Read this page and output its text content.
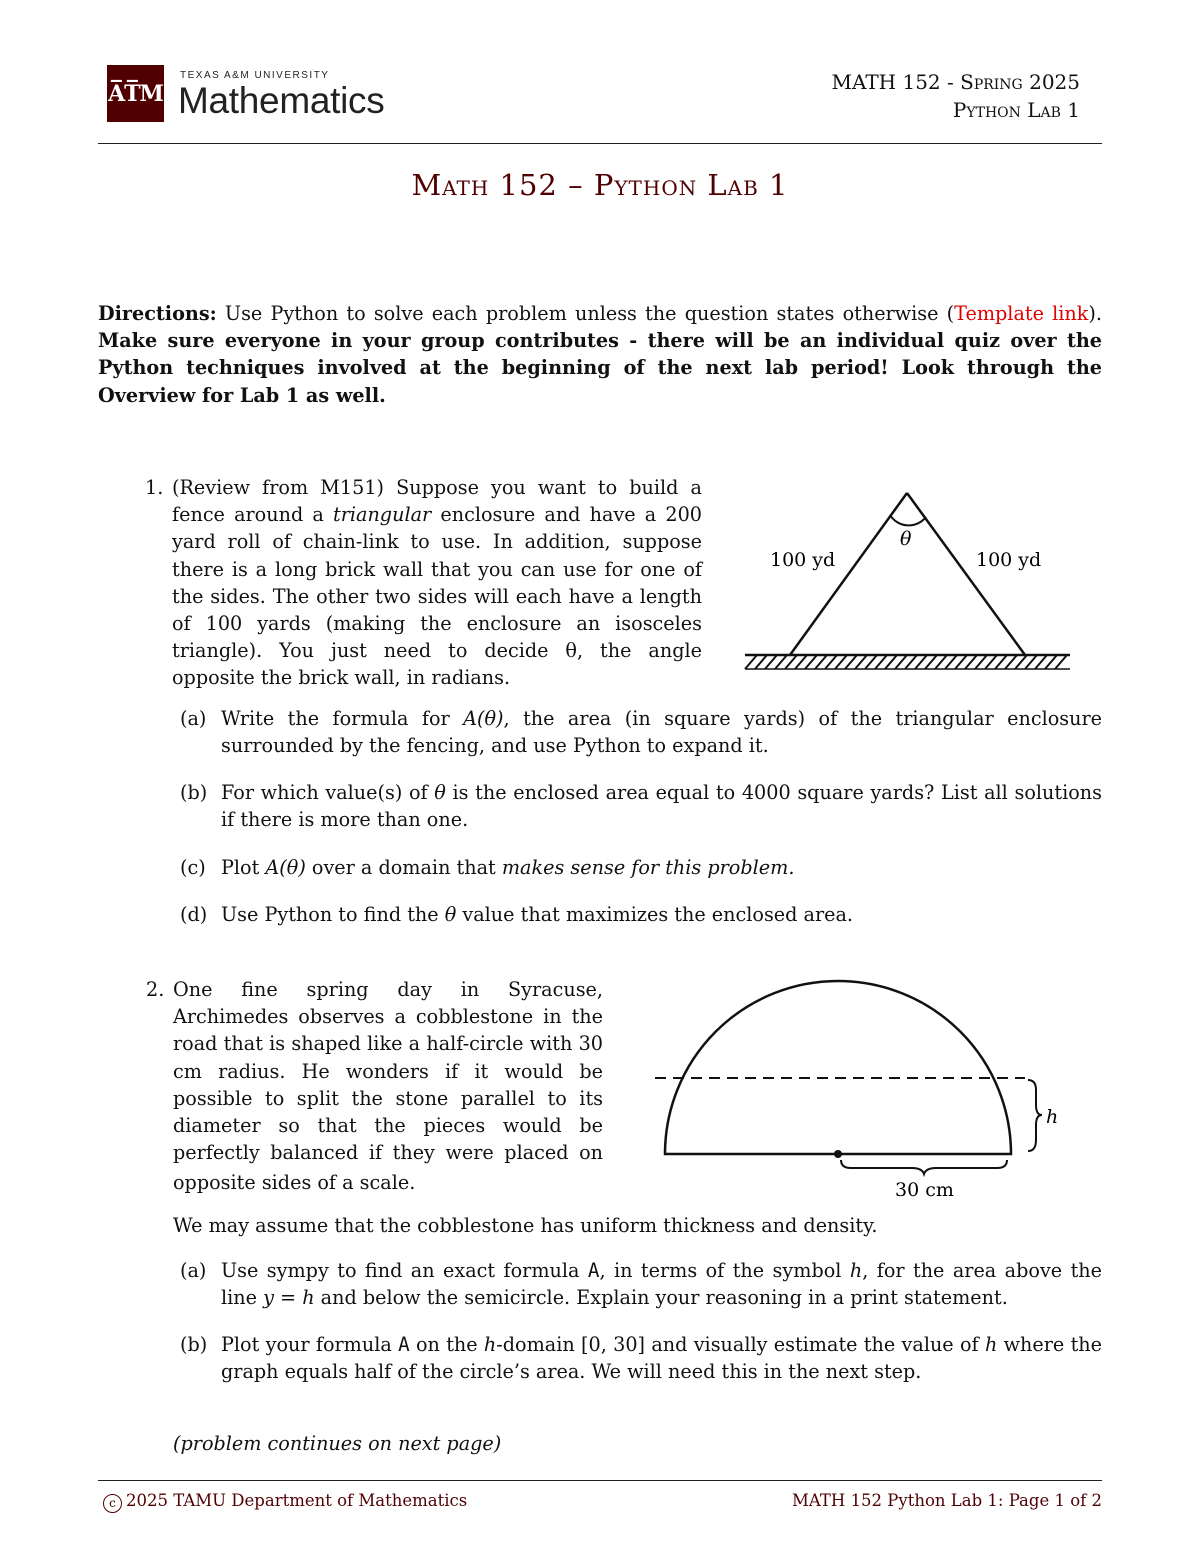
A̅T̅M
TEXAS A&M UNIVERSITY
Mathematics	MATH 152 - Spring 2025
Python Lab 1
Math 152 – Python Lab 1
Directions: Use Python to solve each problem unless the question states otherwise (Template link). Make sure everyone in your group contributes - there will be an individual quiz over the Python techniques involved at the beginning of the next lab period! Look through the Overview for Lab 1 as well.
1. (Review from M151) Suppose you want to build a fence around a triangular enclosure and have a 200 yard roll of chain-link to use. In addition, suppose there is a long brick wall that you can use for one of the sides. The other two sides will each have a length of 100 yards (making the enclosure an isosceles triangle). You just need to decide θ, the angle opposite the brick wall, in radians.
θ
100 yd	100 yd
(a) Write the formula for A(θ), the area (in square yards) of the triangular enclosure surrounded by the fencing, and use Python to expand it.
(b) For which value(s) of θ is the enclosed area equal to 4000 square yards? List all solutions if there is more than one.
(c) Plot A(θ) over a domain that makes sense for this problem.
(d) Use Python to find the θ value that maximizes the enclosed area.
2. One fine spring day in Syracuse, Archimedes observes a cobblestone in the road that is shaped like a half-circle with 30 cm radius. He wonders if it would be possible to split the stone parallel to its diameter so that the pieces would be perfectly balanced if they were placed on
opposite sides of a scale.
h
30 cm
We may assume that the cobblestone has uniform thickness and density.
(a) Use sympy to find an exact formula A, in terms of the symbol h, for the area above the line y = h and below the semicircle. Explain your reasoning in a print statement.
(b) Plot your formula A on the h-domain [0, 30] and visually estimate the value of h where the graph equals half of the circle’s area. We will need this in the next step.
(problem continues on next page)
c 2025 TAMU Department of Mathematics	MATH 152 Python Lab 1: Page 1 of 2
